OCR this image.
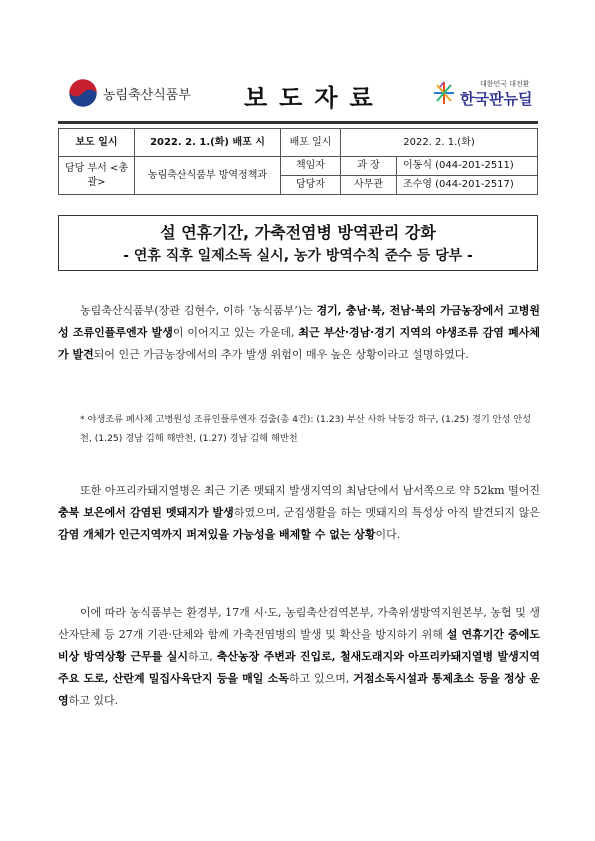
농림축산식품부 보도자료	대한민국 대전환
한국판뉴딜
보도 일시	2022. 2. 1.(화) 배포 시	배포 일시	2022. 2. 1.(화)	
담당 부서 <총괄>	농림축산식품부 방역정책과	책임자	과 장	이동식 (044-201-2511)
		담당자	사무관	조수영 (044-201-2517)
설 연휴기간, 가축전염병 방역관리 강화
- 연휴 직후 일제소독 실시, 농가 방역수칙 준수 등 당부 -
농림축산식품부(장관 김현수, 이하 ‘농식품부’)는 경기, 충남·북, 전남·북의 가금농장에서 고병원성 조류인플루엔자 발생이 이어지고 있는 가운데, 최근 부산·경남·경기 지역의 야생조류 감염 폐사체가 발견되어 인근 가금농장에서의 추가 발생 위험이 매우 높은 상황이라고 설명하였다.
* 야생조류 폐사체 고병원성 조류인플루엔자 검출(총 4건): (1.23) 부산 사하 낙동강 하구, (1.25) 경기 안성 안성천, (1.25) 경남 김해 해반천, (1.27) 경남 김해 해반천
또한 아프리카돼지열병은 최근 기존 멧돼지 발생지역의 최남단에서 남서쪽으로 약 52km 떨어진 충북 보은에서 감염된 멧돼지가 발생하였으며, 군집생활을 하는 멧돼지의 특성상 아직 발견되지 않은 감염 개체가 인근지역까지 퍼져있을 가능성을 배제할 수 없는 상황이다.
이에 따라 농식품부는 환경부, 17개 시·도, 농림축산검역본부, 가축위생방역지원본부, 농협 및 생산자단체 등 27개 기관·단체와 함께 가축전염병의 발생 및 확산을 방지하기 위해 설 연휴기간 중에도 비상 방역상황 근무를 실시하고, 축산농장 주변과 진입로, 철새도래지와 아프리카돼지열병 발생지역 주요 도로, 산란계 밀집사육단지 등을 매일 소독하고 있으며, 거점소독시설과 통제초소 등을 정상 운영하고 있다.
